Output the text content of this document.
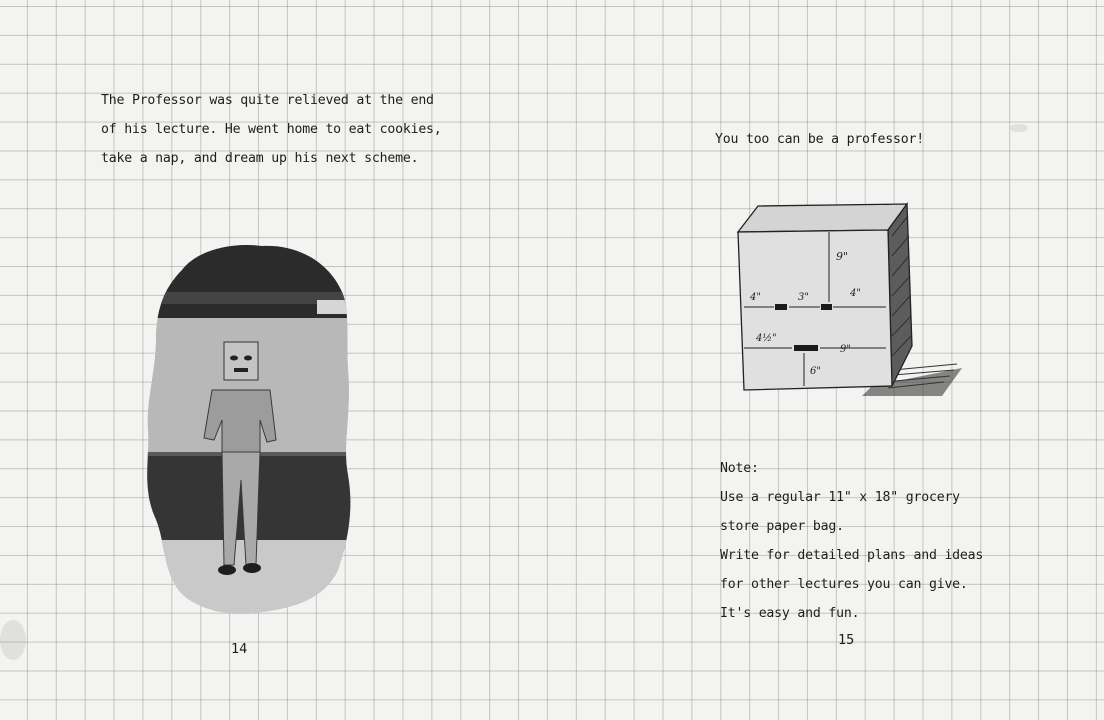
The Professor was quite relieved at the end

of his lecture. He went home to eat cookies,

take a nap, and dream up his next scheme.

14
You too can be a professor!
9"
4"	3"	4"
4½"
9"
6"

Note:

Use a regular 11" x 18" grocery

store paper bag.

Write for detailed plans and ideas

for other lectures you can give.

It's easy and fun.

15
